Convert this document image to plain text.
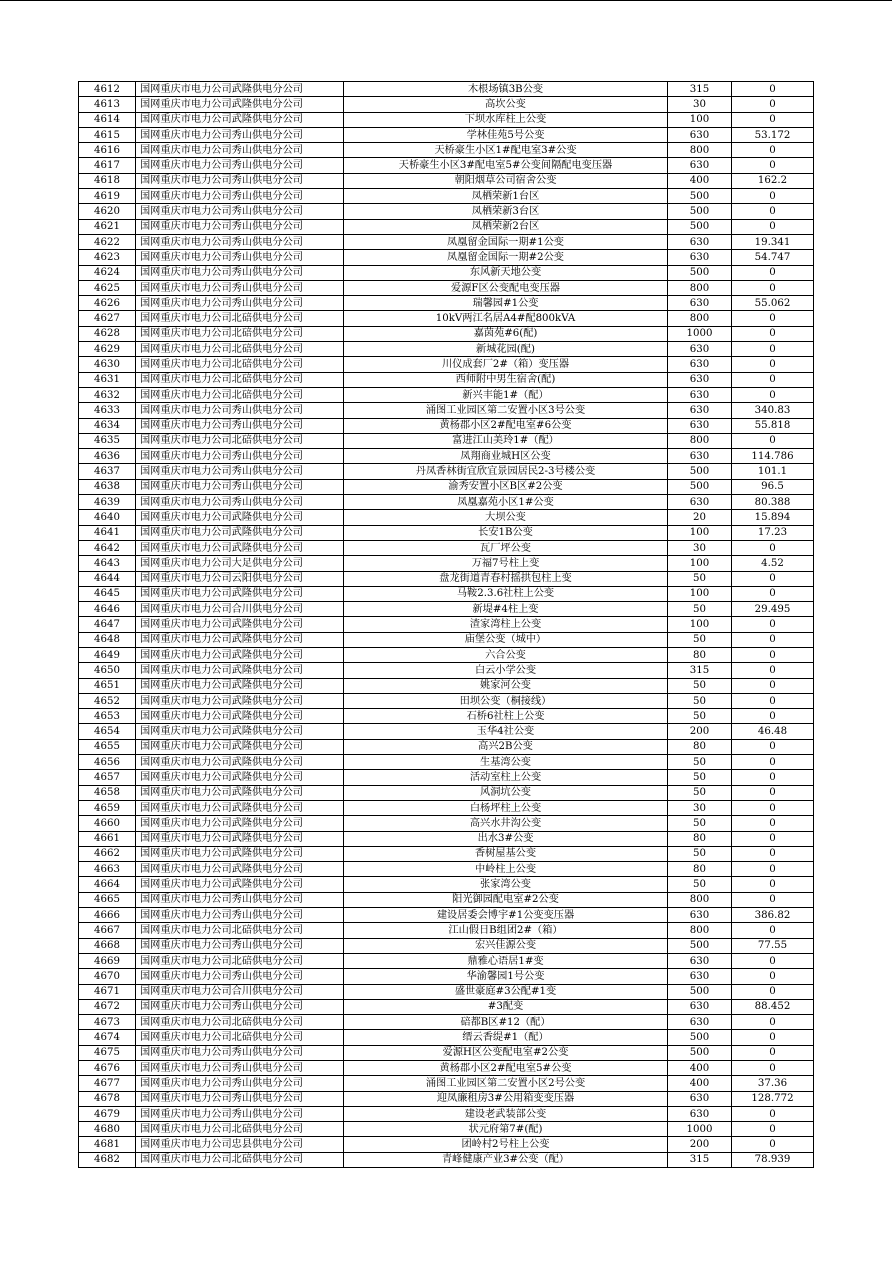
4612	国网重庆市电力公司武隆供电分公司	木根场镇3B公变	315	0
4613	国网重庆市电力公司武隆供电分公司	高坎公变	30	0
4614	国网重庆市电力公司武隆供电分公司	下坝水库柱上公变	100	0
4615	国网重庆市电力公司秀山供电分公司	学林佳苑5号公变	630	53.172
4616	国网重庆市电力公司秀山供电分公司	天桥豪生小区1#配电室3#公变	800	0
4617	国网重庆市电力公司秀山供电分公司	天桥豪生小区3#配电室5#公变间隔配电变压器	630	0
4618	国网重庆市电力公司秀山供电分公司	朝阳烟草公司宿舍公变	400	162.2
4619	国网重庆市电力公司秀山供电分公司	凤栖荣新1台区	500	0
4620	国网重庆市电力公司秀山供电分公司	凤栖荣新3台区	500	0
4621	国网重庆市电力公司秀山供电分公司	凤栖荣新2台区	500	0
4622	国网重庆市电力公司秀山供电分公司	凤凰留金国际一期#1公变	630	19.341
4623	国网重庆市电力公司秀山供电分公司	凤凰留金国际一期#2公变	630	54.747
4624	国网重庆市电力公司秀山供电分公司	东风新天地公变	500	0
4625	国网重庆市电力公司秀山供电分公司	爱源F区公变配电变压器	800	0
4626	国网重庆市电力公司秀山供电分公司	瑞馨园#1公变	630	55.062
4627	国网重庆市电力公司北碚供电分公司	10kV两江名居A4#配800kVA	800	0
4628	国网重庆市电力公司北碚供电分公司	嘉茵苑#6(配)	1000	0
4629	国网重庆市电力公司北碚供电分公司	新城花园(配)	630	0
4630	国网重庆市电力公司北碚供电分公司	川仪成套厂2#（箱）变压器	630	0
4631	国网重庆市电力公司北碚供电分公司	西师附中男生宿舍(配)	630	0
4632	国网重庆市电力公司北碚供电分公司	新兴丰能1#（配）	630	0
4633	国网重庆市电力公司秀山供电分公司	涌图工业园区第二安置小区3号公变	630	340.83
4634	国网重庆市电力公司秀山供电分公司	黄杨郡小区2#配电室#6公变	630	55.818
4635	国网重庆市电力公司北碚供电分公司	富进江山美玲1#（配）	800	0
4636	国网重庆市电力公司秀山供电分公司	凤翔商业城H区公变	630	114.786
4637	国网重庆市电力公司秀山供电分公司	丹凤香林街宜欣宜景园居民2-3号楼公变	500	101.1
4638	国网重庆市电力公司秀山供电分公司	渝秀安置小区B区#2公变	500	96.5
4639	国网重庆市电力公司秀山供电分公司	凤凰嘉苑小区1#公变	630	80.388
4640	国网重庆市电力公司武隆供电分公司	大坝公变	20	15.894
4641	国网重庆市电力公司武隆供电分公司	长安1B公变	100	17.23
4642	国网重庆市电力公司武隆供电分公司	瓦厂坪公变	30	0
4643	国网重庆市电力公司大足供电分公司	万福7号柱上变	100	4.52
4644	国网重庆市电力公司云阳供电分公司	盘龙街道青春村摇拱包柱上变	50	0
4645	国网重庆市电力公司武隆供电分公司	马鞍2.3.6社柱上公变	100	0
4646	国网重庆市电力公司合川供电分公司	新堤#4柱上变	50	29.495
4647	国网重庆市电力公司武隆供电分公司	渣家湾柱上公变	100	0
4648	国网重庆市电力公司武隆供电分公司	庙堡公变（城中）	50	0
4649	国网重庆市电力公司武隆供电分公司	六合公变	80	0
4650	国网重庆市电力公司武隆供电分公司	白云小学公变	315	0
4651	国网重庆市电力公司武隆供电分公司	姚家河公变	50	0
4652	国网重庆市电力公司武隆供电分公司	田坝公变（桐接线）	50	0
4653	国网重庆市电力公司武隆供电分公司	石桥6社柱上公变	50	0
4654	国网重庆市电力公司武隆供电分公司	玉华4社公变	200	46.48
4655	国网重庆市电力公司武隆供电分公司	高兴2B公变	80	0
4656	国网重庆市电力公司武隆供电分公司	生基湾公变	50	0
4657	国网重庆市电力公司武隆供电分公司	活动室柱上公变	50	0
4658	国网重庆市电力公司武隆供电分公司	风洞坑公变	50	0
4659	国网重庆市电力公司武隆供电分公司	白杨坪柱上公变	30	0
4660	国网重庆市电力公司武隆供电分公司	高兴水井沟公变	50	0
4661	国网重庆市电力公司武隆供电分公司	出水3#公变	80	0
4662	国网重庆市电力公司武隆供电分公司	香树屋基公变	50	0
4663	国网重庆市电力公司武隆供电分公司	中岭柱上公变	80	0
4664	国网重庆市电力公司武隆供电分公司	张家湾公变	50	0
4665	国网重庆市电力公司秀山供电分公司	阳光御园配电室#2公变	800	0
4666	国网重庆市电力公司秀山供电分公司	建设居委会博宇#1公变变压器	630	386.82
4667	国网重庆市电力公司北碚供电分公司	江山假日B组团2#（箱）	800	0
4668	国网重庆市电力公司秀山供电分公司	宏兴佳源公变	500	77.55
4669	国网重庆市电力公司北碚供电分公司	鼎雅心语居1#变	630	0
4670	国网重庆市电力公司秀山供电分公司	华渝馨园1号公变	630	0
4671	国网重庆市电力公司合川供电分公司	盛世豪庭#3公配#1变	500	0
4672	国网重庆市电力公司秀山供电分公司	#3配变	630	88.452
4673	国网重庆市电力公司北碚供电分公司	碚都B区#12（配）	630	0
4674	国网重庆市电力公司北碚供电分公司	缙云香缇#1（配）	500	0
4675	国网重庆市电力公司秀山供电分公司	爱源H区公变配电室#2公变	500	0
4676	国网重庆市电力公司秀山供电分公司	黄杨郡小区2#配电室5#公变	400	0
4677	国网重庆市电力公司秀山供电分公司	涌图工业园区第二安置小区2号公变	400	37.36
4678	国网重庆市电力公司秀山供电分公司	迎凤廉租房3#公用箱变变压器	630	128.772
4679	国网重庆市电力公司秀山供电分公司	建设老武装部公变	630	0
4680	国网重庆市电力公司北碚供电分公司	状元府第7#(配)	1000	0
4681	国网重庆市电力公司忠县供电分公司	团岭村2号柱上公变	200	0
4682	国网重庆市电力公司北碚供电分公司	青峰健康产业3#公变（配）	315	78.939
